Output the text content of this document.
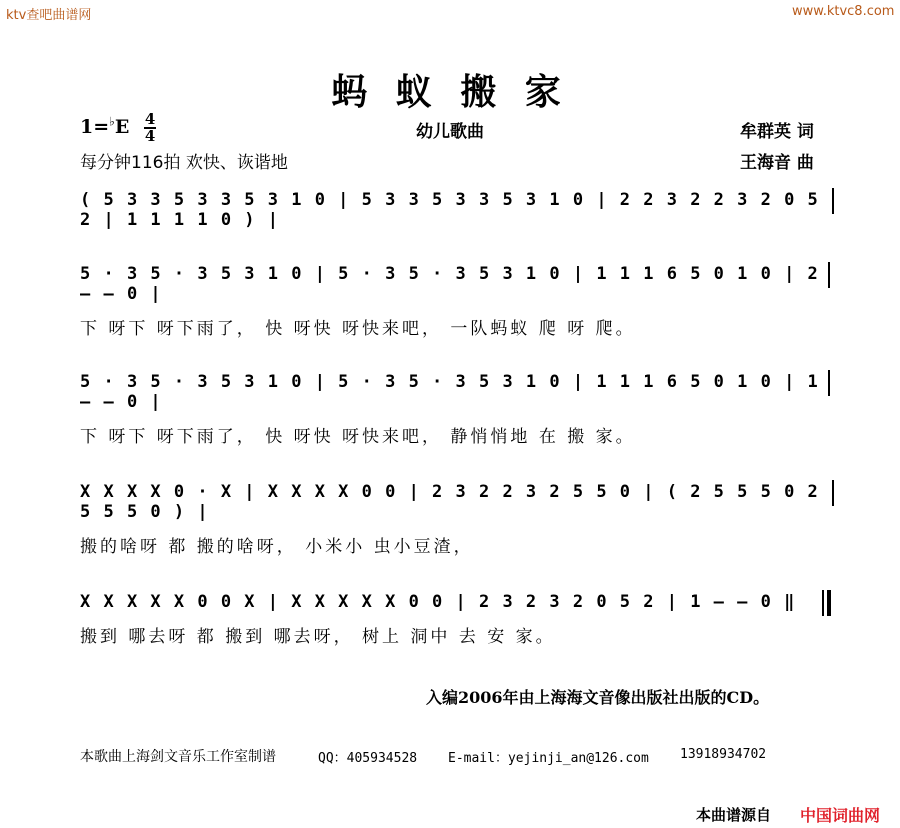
ktv查吧曲谱网	www.ktvc8.com
蚂 蚁 搬 家
$1=^♭E \frac{4}{4}$	幼儿歌曲
每分钟116拍 欢快、诙谐地
牟群英 词
王海音 曲
( 5 3 3 5 3 3 5 3 1 0 | 5 3 3 5 3 3 5 3 1 0 | 2 2 3 2 2 3 2 0 5 2 | 1 1 1 1 0 ) |
5 · 3 5 · 3 5 3 1 0 | 5 · 3 5 · 3 5 3 1 0 | 1 1 1 6 5 0 1 0 | 2 – – 0 |
下 呀下 呀下雨了， 快 呀快 呀快来吧， 一队蚂蚁 爬 呀 爬。
5 · 3 5 · 3 5 3 1 0 | 5 · 3 5 · 3 5 3 1 0 | 1 1 1 6 5 0 1 0 | 1 – – 0 |
下 呀下 呀下雨了， 快 呀快 呀快来吧， 静悄悄地 在 搬 家。
X X X X 0 · X | X X X X 0 0 | 2 3 2 2 3 2 5 5 0 | ( 2 5 5 5 0 2 5 5 5 0 ) |
搬的啥呀 都 搬的啥呀， 小米小 虫小豆渣，
X X X X X 0 0 X | X X X X X 0 0 | 2 3 2 3 2 0 5 2 | 1 – – 0 ‖
搬到 哪去呀 都 搬到 哪去呀， 树上 洞中 去 安 家。
入编2006年由上海海文音像出版社出版的CD。
本歌曲上海剑文音乐工作室制谱	QQ：405934528 E-mail：yejinji_an@126.com 13918934702
本曲谱源自 中国词曲网
